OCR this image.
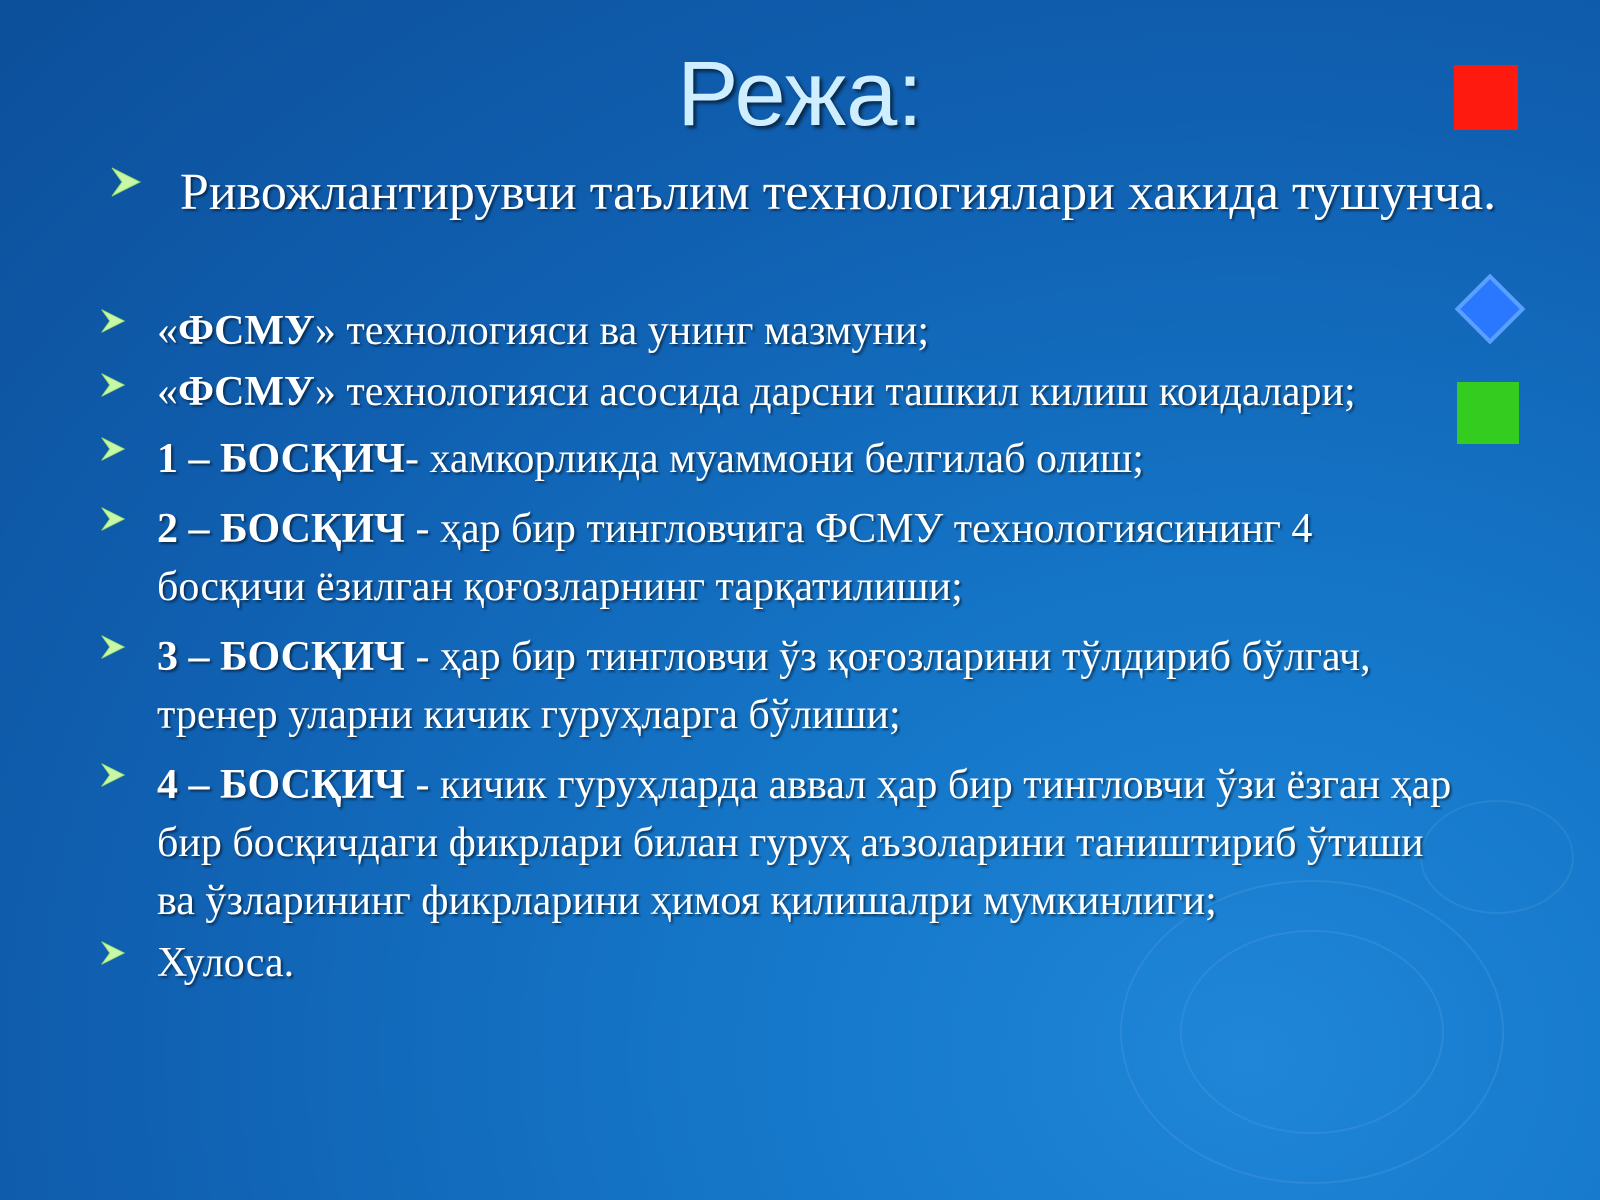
Режа:

Ривожлантирувчи таълим технологиялари хакида тушунча.

«ФСМУ» технологияси ва унинг мазмуни;
«ФСМУ» технологияси асосида дарсни ташкил килиш коидалари;
1 – БОСҚИЧ- хамкорликда муаммони белгилаб олиш;
2 – БОСҚИЧ - ҳар бир тингловчига ФСМУ технологиясининг 4 босқичи ёзилган қоғозларнинг тарқатилиши;
3 – БОСҚИЧ - ҳар бир тингловчи ўз қоғозларини тўлдириб бўлгач, тренер уларни кичик гуруҳларга бўлиши;
4 – БОСҚИЧ - кичик гуруҳларда аввал ҳар бир тингловчи ўзи ёзган ҳар бир босқичдаги фикрлари билан гуруҳ аъзоларини таништириб ўтиши ва ўзларининг фикрларини ҳимоя қилишалри мумкинлиги;
Хулоса.
